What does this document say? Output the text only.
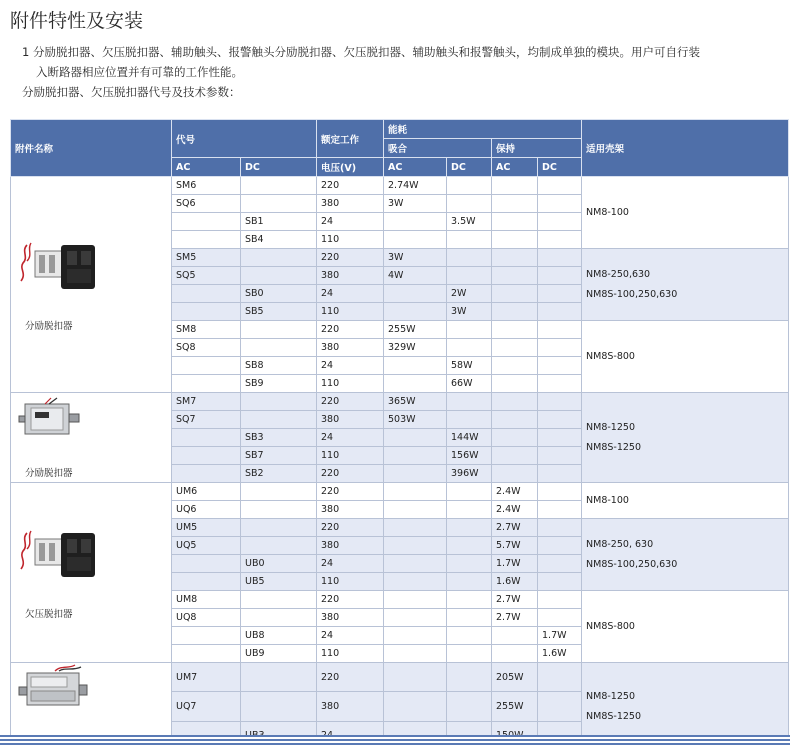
附件特性及安装

1 分励脱扣器、欠压脱扣器、辅助触头、报警触头分励脱扣器、欠压脱扣器、辅助触头和报警触头，均制成单独的模块。用户可自行装

入断路器相应位置并有可靠的工作性能。

分励脱扣器、欠压脱扣器代号及技术参数：

附件名称	代号		额定工作	能耗				适用壳架
				吸合		保持		
	AC	DC	电压(V)	AC	DC	AC	DC	

分励脱扣器	SM6		220	2.74W				NM8-100

	SQ6		380	3W				
		SB1	24		3.5W			
		SB4	110					
	SM5		220	3W				NM8-250,630
NM8S-100,250,630

	SQ5		380	4W				
		SB0	24		2W			
		SB5	110		3W			
	SM8		220	255W				NM8S-800

	SQ8		380	329W				
		SB8	24		58W			
		SB9	110		66W			

分励脱扣器	SM7		220	365W				NM8-1250
NM8S-1250

	SQ7		380	503W				
		SB3	24		144W			
		SB7	110		156W			
		SB2	220		396W			

欠压脱扣器	UM6		220			2.4W		NM8-100

	UQ6		380			2.4W		
	UM5		220			2.7W		NM8-250, 630
NM8S-100,250,630

	UQ5		380			5.7W		
		UB0	24			1.7W		
		UB5	110			1.6W		
	UM8		220			2.7W		NM8S-800

	UQ8		380			2.7W		
		UB8	24				1.7W	
		UB9	110				1.6W	

	UM7		220			205W		NM8-1250
NM8S-1250

	UQ7		380			255W		
